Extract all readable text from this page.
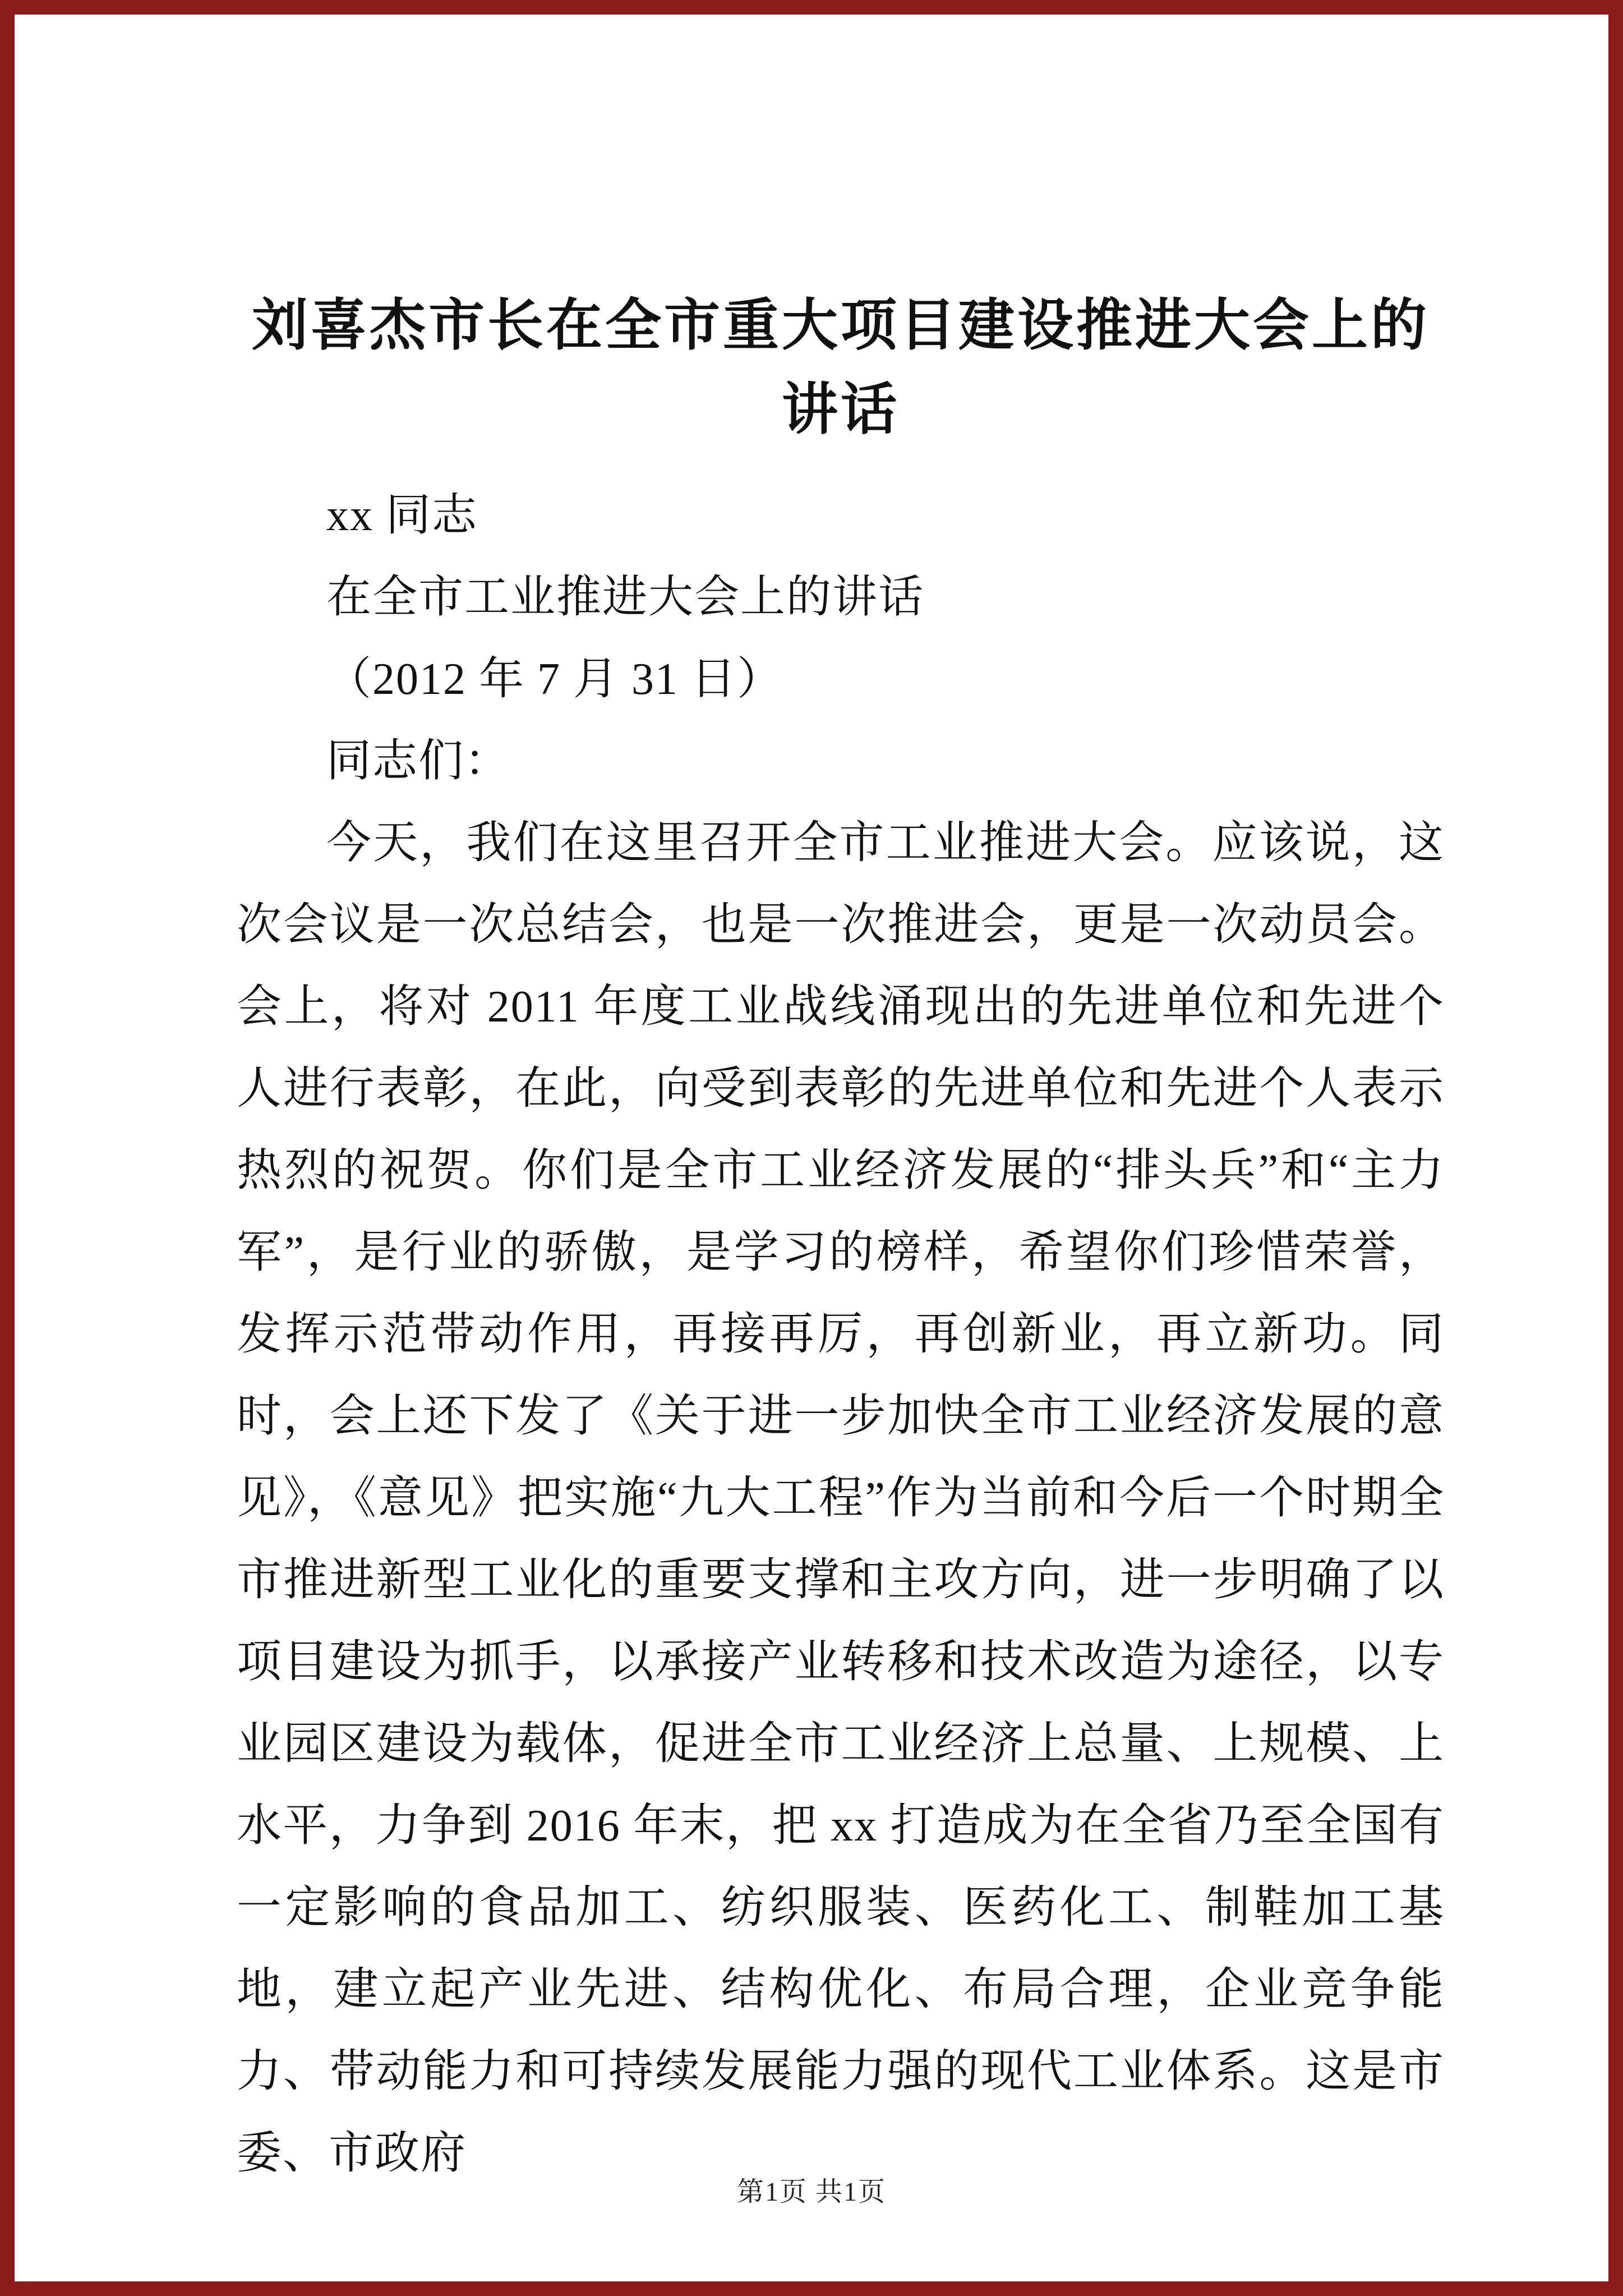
刘喜杰市长在全市重大项目建设推进大会上的讲话

xx 同志

在全市工业推进大会上的讲话

（2012 年 7 月 31 日）

同志们：

今天，我们在这里召开全市工业推进大会。应该说，这次会议是一次总结会，也是一次推进会，更是一次动员会。会上，将对 2011 年度工业战线涌现出的先进单位和先进个人进行表彰，在此，向受到表彰的先进单位和先进个人表示热烈的祝贺。你们是全市工业经济发展的“排头兵”和“主力军”，是行业的骄傲，是学习的榜样，希望你们珍惜荣誉，发挥示范带动作用，再接再厉，再创新业，再立新功。同时，会上还下发了《关于进一步加快全市工业经济发展的意见》，《意见》把实施“九大工程”作为当前和今后一个时期全市推进新型工业化的重要支撑和主攻方向，进一步明确了以项目建设为抓手，以承接产业转移和技术改造为途径，以专业园区建设为载体，促进全市工业经济上总量、上规模、上水平，力争到 2016 年末，把 xx 打造成为在全省乃至全国有一定影响的食品加工、纺织服装、医药化工、制鞋加工基地，建立起产业先进、结构优化、布局合理，企业竞争能力、带动能力和可持续发展能力强的现代工业体系。这是市委、市政府

第1页 共1页
